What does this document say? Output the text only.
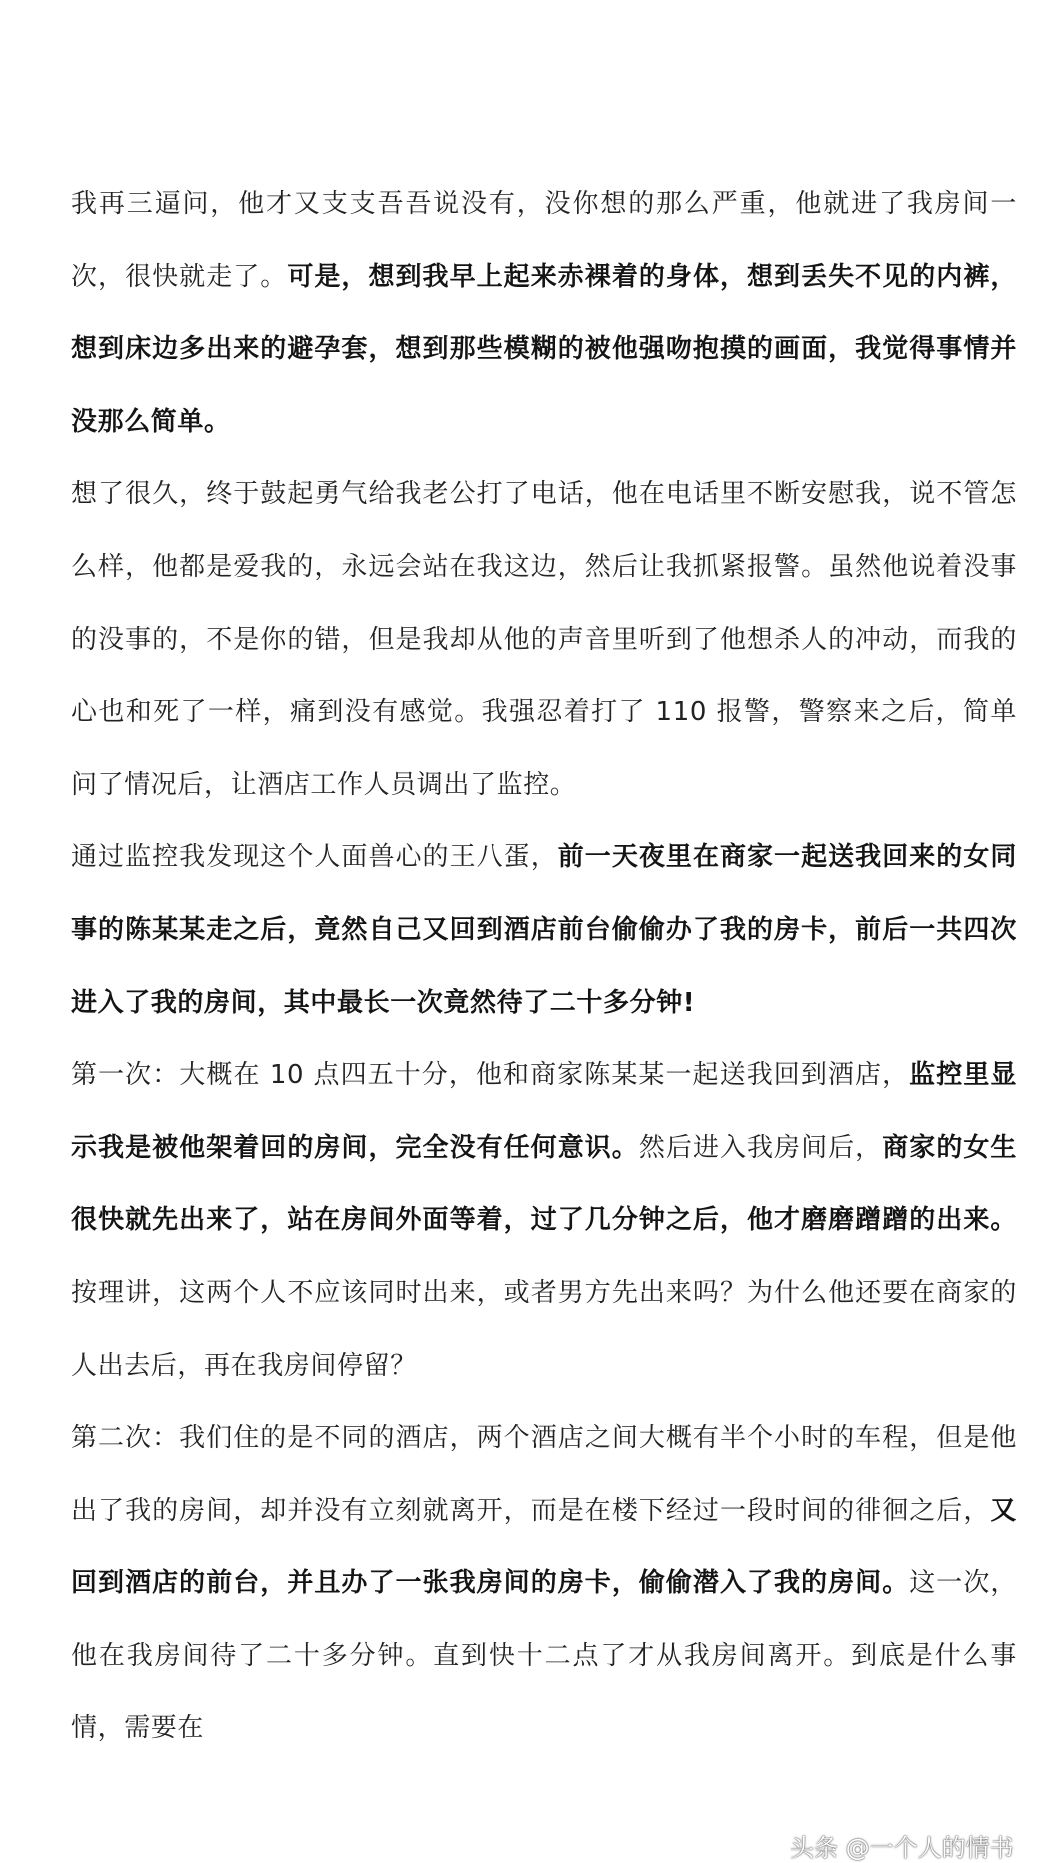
我再三逼问，他才又支支吾吾说没有，没你想的那么严重，他就进了我房间一次，很快就走了。可是，想到我早上起来赤裸着的身体，想到丢失不见的内裤，想到床边多出来的避孕套，想到那些模糊的被他强吻抱摸的画面，我觉得事情并没那么简单。

想了很久，终于鼓起勇气给我老公打了电话，他在电话里不断安慰我，说不管怎么样，他都是爱我的，永远会站在我这边，然后让我抓紧报警。虽然他说着没事的没事的，不是你的错，但是我却从他的声音里听到了他想杀人的冲动，而我的心也和死了一样，痛到没有感觉。我强忍着打了 110 报警，警察来之后，简单问了情况后，让酒店工作人员调出了监控。

通过监控我发现这个人面兽心的王八蛋，前一天夜里在商家一起送我回来的女同事的陈某某走之后，竟然自己又回到酒店前台偷偷办了我的房卡，前后一共四次进入了我的房间，其中最长一次竟然待了二十多分钟!

第一次：大概在 10 点四五十分，他和商家陈某某一起送我回到酒店，监控里显示我是被他架着回的房间，完全没有任何意识。然后进入我房间后，商家的女生很快就先出来了，站在房间外面等着，过了几分钟之后，他才磨磨蹭蹭的出来。按理讲，这两个人不应该同时出来，或者男方先出来吗？为什么他还要在商家的人出去后，再在我房间停留？

第二次：我们住的是不同的酒店，两个酒店之间大概有半个小时的车程，但是他出了我的房间，却并没有立刻就离开，而是在楼下经过一段时间的徘徊之后，又回到酒店的前台，并且办了一张我房间的房卡，偷偷潜入了我的房间。这一次，他在我房间待了二十多分钟。直到快十二点了才从我房间离开。到底是什么事情，需要在

头条 @一个人的情书
